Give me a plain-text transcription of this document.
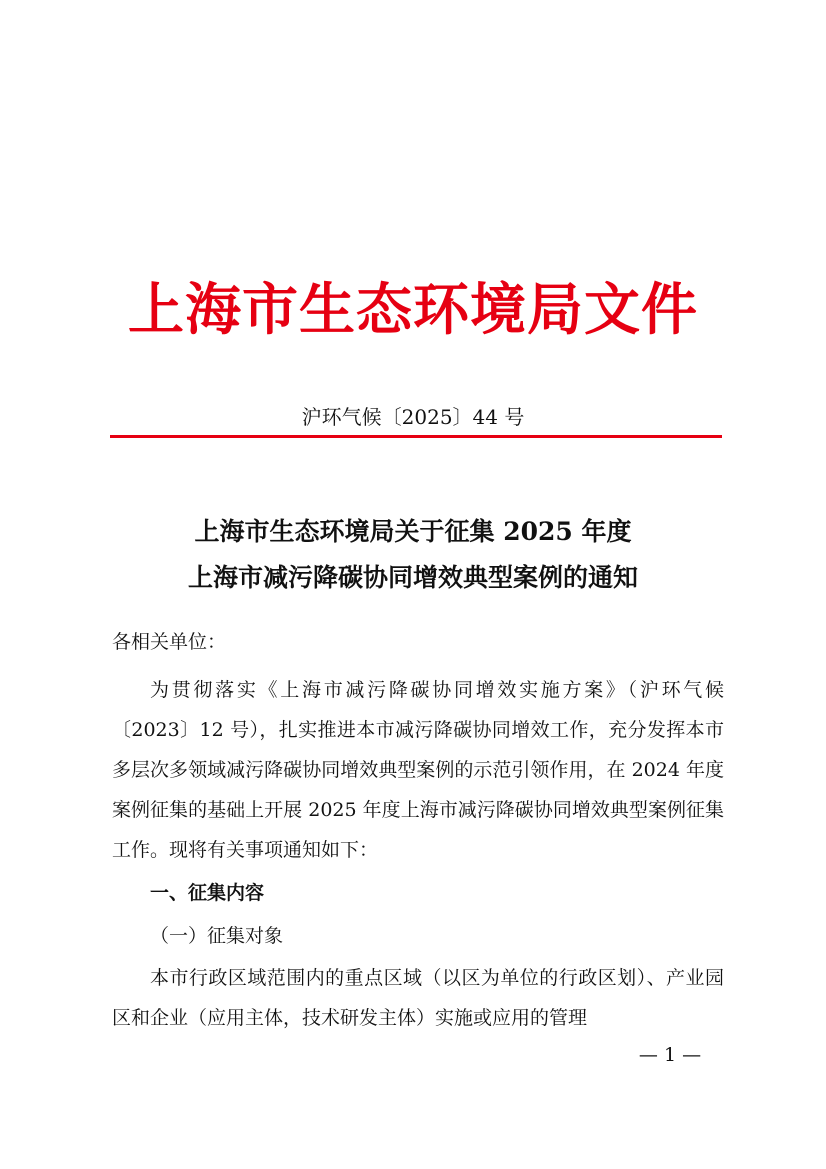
上海市生态环境局文件
沪环气候〔2025〕44 号
上海市生态环境局关于征集 2025 年度
上海市减污降碳协同增效典型案例的通知

各相关单位：

为贯彻落实《上海市减污降碳协同增效实施方案》（沪环气候〔2023〕12 号），扎实推进本市减污降碳协同增效工作，充分发挥本市多层次多领域减污降碳协同增效典型案例的示范引领作用，在 2024 年度案例征集的基础上开展 2025 年度上海市减污降碳协同增效典型案例征集工作。现将有关事项通知如下：

一、征集内容
（一）征集对象

本市行政区域范围内的重点区域（以区为单位的行政区划）、产业园区和企业（应用主体，技术研发主体）实施或应用的管理

— 1 —
